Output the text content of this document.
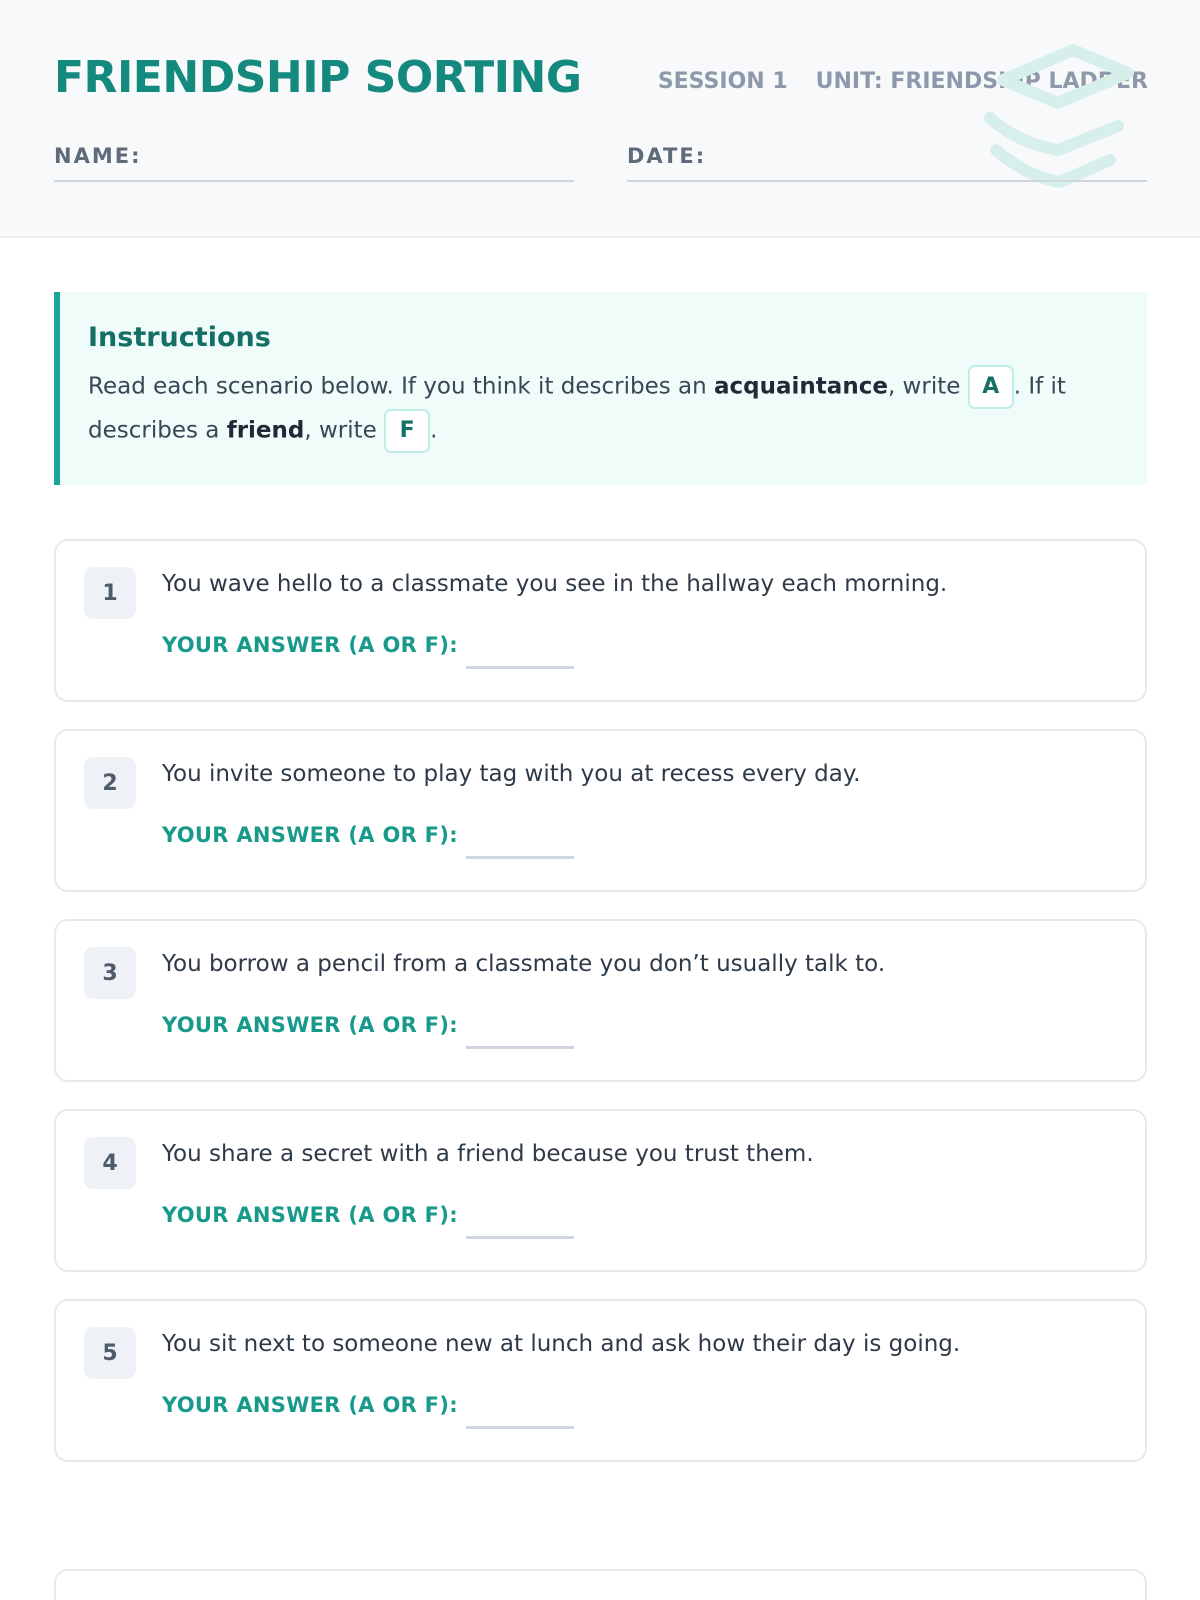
FRIENDSHIP SORTING	SESSION 1 UNIT: FRIENDSHIP LADDER
NAME:	DATE:
Instructions
Read each scenario below. If you think it describes an acquaintance, write A . If it describes a friend, write F .
1	You wave hello to a classmate you see in the hallway each morning.
YOUR ANSWER (A OR F):
2	You invite someone to play tag with you at recess every day.
YOUR ANSWER (A OR F):
3	You borrow a pencil from a classmate you don’t usually talk to.
YOUR ANSWER (A OR F):
4	You share a secret with a friend because you trust them.
YOUR ANSWER (A OR F):
5	You sit next to someone new at lunch and ask how their day is going.
YOUR ANSWER (A OR F):
